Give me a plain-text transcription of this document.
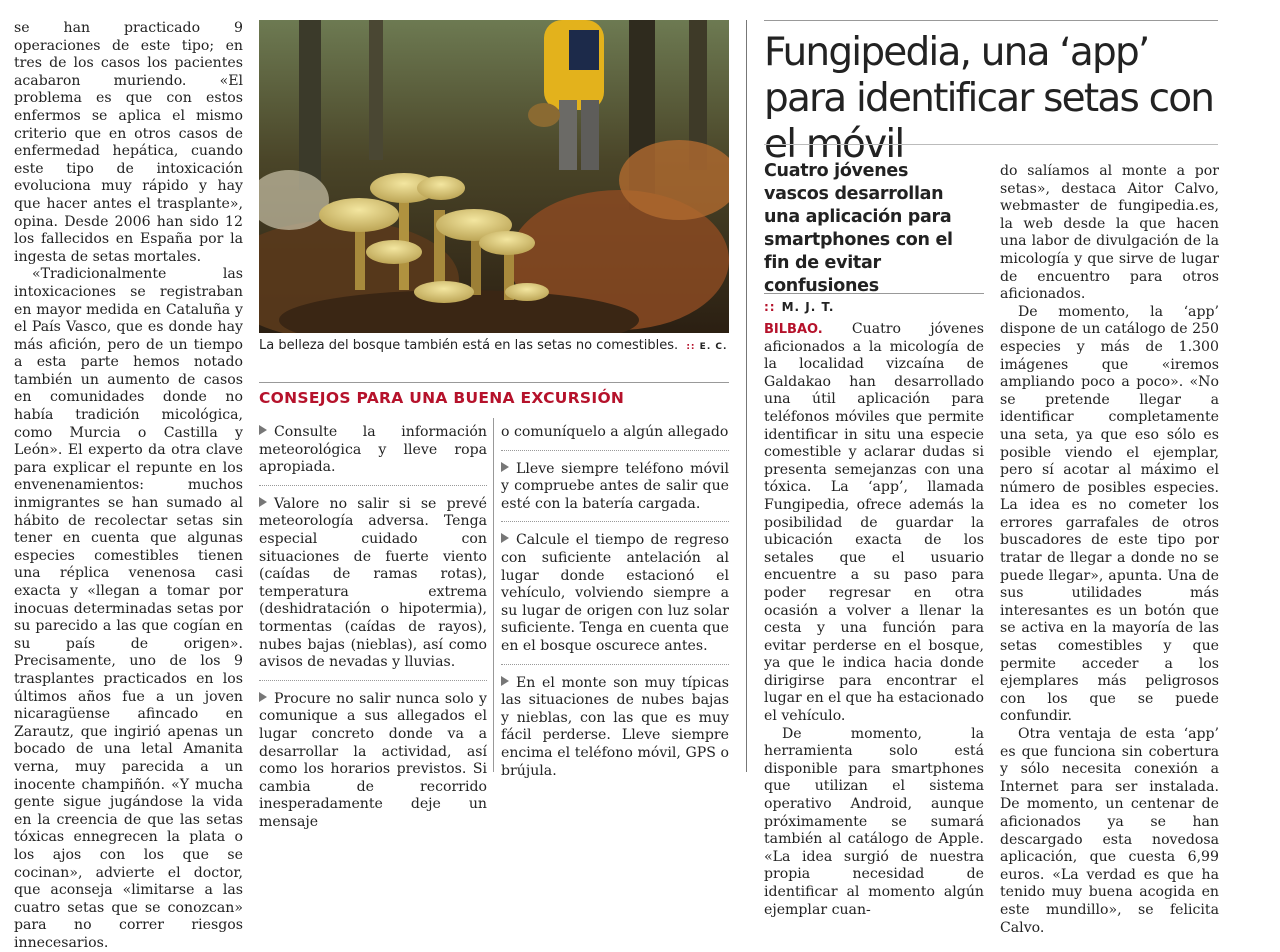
se han practicado 9 operaciones de este tipo; en tres de los casos los pacientes acabaron muriendo. «El problema es que con estos enfermos se aplica el mismo criterio que en otros casos de enfermedad hepática, cuando este tipo de intoxicación evoluciona muy rápido y hay que hacer antes el trasplante», opina. Desde 2006 han sido 12 los fallecidos en España por la ingesta de setas mortales.

«Tradicionalmente las intoxicaciones se registraban en mayor medida en Cataluña y el País Vasco, que es donde hay más afición, pero de un tiempo a esta parte hemos notado también un aumento de casos en comunidades donde no había tradición micológica, como Murcia o Castilla y León». El experto da otra clave para explicar el repunte en los envenenamientos: muchos inmigrantes se han sumado al hábito de recolectar setas sin tener en cuenta que algunas especies comestibles tienen una réplica venenosa casi exacta y «llegan a tomar por inocuas determinadas setas por su parecido a las que cogían en su país de origen». Precisamente, uno de los 9 trasplantes practicados en los últimos años fue a un joven nicaragüense afincado en Zarautz, que ingirió apenas un bocado de una letal Amanita verna, muy parecida a un inocente champiñón. «Y mucha gente sigue jugándose la vida en la creencia de que las setas tóxicas ennegrecen la plata o los ajos con los que se cocinan», advierte el doctor, que aconseja «limitarse a las cuatro setas que se conozcan» para no correr riesgos innecesarios.

La belleza del bosque también está en las setas no comestibles. :: E. C.
CONSEJOS PARA UNA BUENA EXCURSIÓN

Consulte la información meteorológica y lleve ropa apropiada.

Valore no salir si se prevé meteorología adversa. Tenga especial cuidado con situaciones de fuerte viento (caídas de ramas rotas), temperatura extrema (deshidratación o hipotermia), tormentas (caídas de rayos), nubes bajas (nieblas), así como avisos de nevadas y lluvias.

Procure no salir nunca solo y comunique a sus allegados el lugar concreto donde va a desarrollar la actividad, así como los horarios previstos. Si cambia de recorrido inesperadamente deje un mensaje

o comuníquelo a algún allegado

Lleve siempre teléfono móvil y compruebe antes de salir que esté con la batería cargada.

Calcule el tiempo de regreso con suficiente antelación al lugar donde estacionó el vehículo, volviendo siempre a su lugar de origen con luz solar suficiente. Tenga en cuenta que en el bosque oscurece antes.

En el monte son muy típicas las situaciones de nubes bajas y nieblas, con las que es muy fácil perderse. Lleve siempre encima el teléfono móvil, GPS o brújula.

Fungipedia, una ‘app’ para identificar setas con el móvil
Cuatro jóvenes vascos desarrollan una aplicación para smartphones con el fin de evitar confusiones
:: M. J. T.

BILBAO. Cuatro jóvenes aficionados a la micología de la localidad vizcaína de Galdakao han desarrollado una útil aplicación para teléfonos móviles que permite identificar in situ una especie comestible y aclarar dudas si presenta semejanzas con una tóxica. La ‘app’, llamada Fungipedia, ofrece además la posibilidad de guardar la ubicación exacta de los setales que el usuario encuentre a su paso para poder regresar en otra ocasión a volver a llenar la cesta y una función para evitar perderse en el bosque, ya que le indica hacia donde dirigirse para encontrar el lugar en el que ha estacionado el vehículo.

De momento, la herramienta solo está disponible para smartphones que utilizan el sistema operativo Android, aunque próximamente se sumará también al catálogo de Apple. «La idea surgió de nuestra propia necesidad de identificar al momento algún ejemplar cuan-

do salíamos al monte a por setas», destaca Aitor Calvo, webmaster de fungipedia.es, la web desde la que hacen una labor de divulgación de la micología y que sirve de lugar de encuentro para otros aficionados.

De momento, la ‘app’ dispone de un catálogo de 250 especies y más de 1.300 imágenes que «iremos ampliando poco a poco». «No se pretende llegar a identificar completamente una seta, ya que eso sólo es posible viendo el ejemplar, pero sí acotar al máximo el número de posibles especies. La idea es no cometer los errores garrafales de otros buscadores de este tipo por tratar de llegar a donde no se puede llegar», apunta. Una de sus utilidades más interesantes es un botón que se activa en la mayoría de las setas comestibles y que permite acceder a los ejemplares más peligrosos con los que se puede confundir.

Otra ventaja de esta ‘app’ es que funciona sin cobertura y sólo necesita conexión a Internet para ser instalada. De momento, un centenar de aficionados ya se han descargado esta novedosa aplicación, que cuesta 6,99 euros. «La verdad es que ha tenido muy buena acogida en este mundillo», se felicita Calvo.
